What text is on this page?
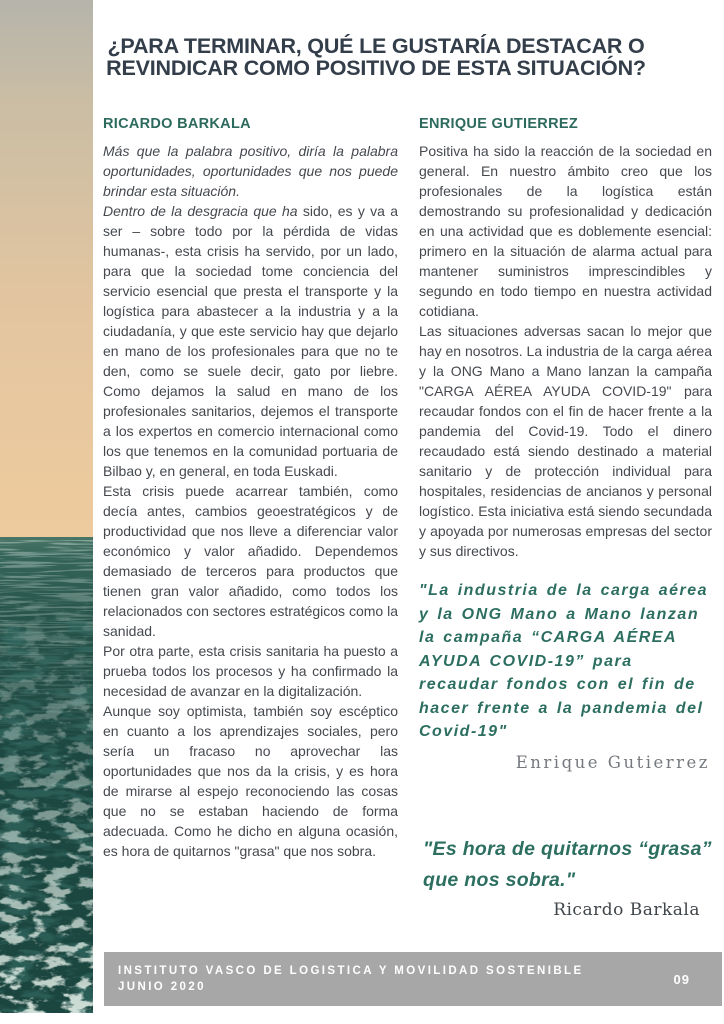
¿PARA TERMINAR, QUÉ LE GUSTARÍA DESTACAR O
REVINDICAR COMO POSITIVO DE ESTA SITUACIÓN?
RICARDO BARKALA

Más que la palabra positivo, diría la palabra oportunidades, oportunidades que nos puede brindar esta situación.

Dentro de la desgracia que ha sido, es y va a ser – sobre todo por la pérdida de vidas humanas-, esta crisis ha servido, por un lado, para que la sociedad tome conciencia del servicio esencial que presta el transporte y la logística para abastecer a la industria y a la ciudadanía, y que este servicio hay que dejarlo en mano de los profesionales para que no te den, como se suele decir, gato por liebre. Como dejamos la salud en mano de los profesionales sanitarios, dejemos el transporte a los expertos en comercio internacional como los que tenemos en la comunidad portuaria de Bilbao y, en general, en toda Euskadi.

Esta crisis puede acarrear también, como decía antes, cambios geoestratégicos y de productividad que nos lleve a diferenciar valor económico y valor añadido. Dependemos demasiado de terceros para productos que tienen gran valor añadido, como todos los relacionados con sectores estratégicos como la sanidad.

Por otra parte, esta crisis sanitaria ha puesto a prueba todos los procesos y ha confirmado la necesidad de avanzar en la digitalización.

Aunque soy optimista, también soy escéptico en cuanto a los aprendizajes sociales, pero sería un fracaso no aprovechar las oportunidades que nos da la crisis, y es hora de mirarse al espejo reconociendo las cosas que no se estaban haciendo de forma adecuada. Como he dicho en alguna ocasión, es hora de quitarnos "grasa" que nos sobra.

ENRIQUE GUTIERREZ

Positiva ha sido la reacción de la sociedad en general. En nuestro ámbito creo que los profesionales de la logística están demostrando su profesionalidad y dedicación en una actividad que es doblemente esencial: primero en la situación de alarma actual para mantener suministros imprescindibles y segundo en todo tiempo en nuestra actividad cotidiana.

Las situaciones adversas sacan lo mejor que hay en nosotros. La industria de la carga aérea y la ONG Mano a Mano lanzan la campaña "CARGA AÉREA AYUDA COVID-19" para recaudar fondos con el fin de hacer frente a la pandemia del Covid-19. Todo el dinero recaudado está siendo destinado a material sanitario y de protección individual para hospitales, residencias de ancianos y personal logístico. Esta iniciativa está siendo secundada y apoyada por numerosas empresas del sector y sus directivos.

"La industria de la carga aérea y la ONG Mano a Mano lanzan la campaña “CARGA AÉREA AYUDA COVID-19” para recaudar fondos con el fin de hacer frente a la pandemia del Covid-19"
Enrique Gutierrez
"Es hora de quitarnos “grasa” que nos sobra."
Ricardo Barkala
INSTITUTO VASCO DE LOGISTICA Y MOVILIDAD SOSTENIBLE
JUNIO 2020
09
